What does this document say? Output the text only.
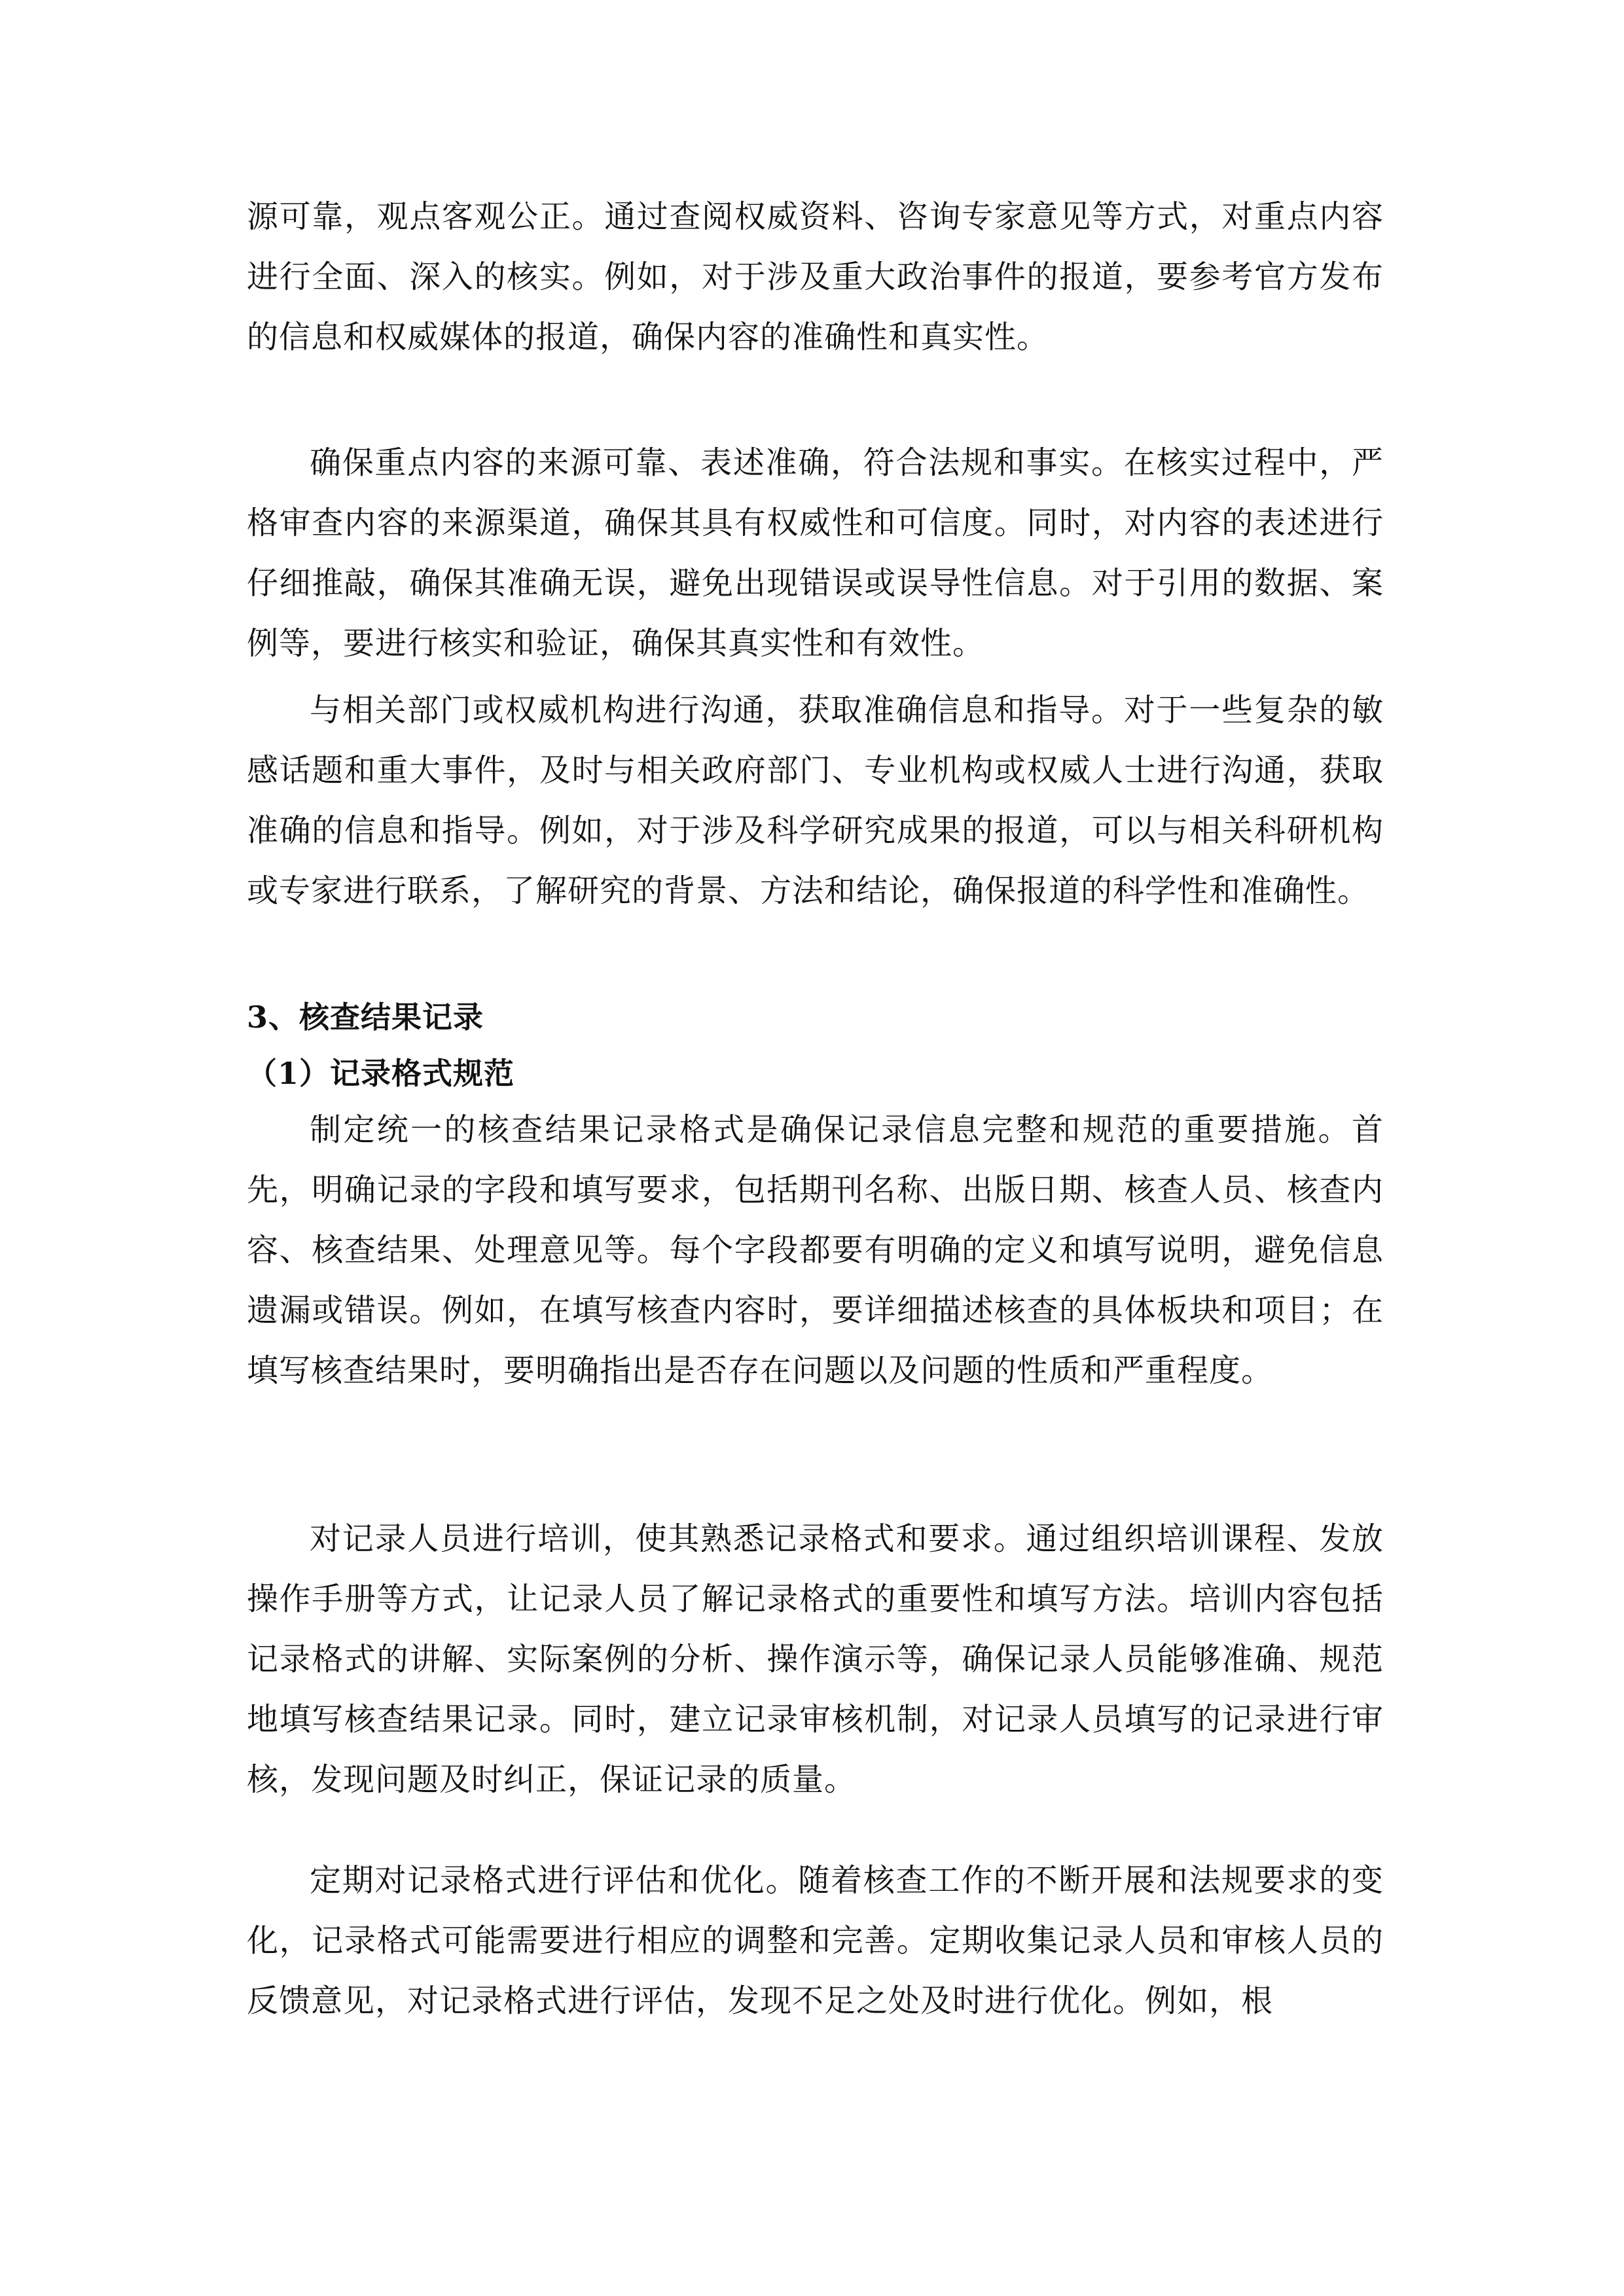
源可靠，观点客观公正。通过查阅权威资料、咨询专家意见等方式，对重点内容进行全面、深入的核实。例如，对于涉及重大政治事件的报道，要参考官方发布的信息和权威媒体的报道，确保内容的准确性和真实性。

确保重点内容的来源可靠、表述准确，符合法规和事实。在核实过程中，严格审查内容的来源渠道，确保其具有权威性和可信度。同时，对内容的表述进行仔细推敲，确保其准确无误，避免出现错误或误导性信息。对于引用的数据、案例等，要进行核实和验证，确保其真实性和有效性。

与相关部门或权威机构进行沟通，获取准确信息和指导。对于一些复杂的敏感话题和重大事件，及时与相关政府部门、专业机构或权威人士进行沟通，获取准确的信息和指导。例如，对于涉及科学研究成果的报道，可以与相关科研机构或专家进行联系，了解研究的背景、方法和结论，确保报道的科学性和准确性。

3、核查结果记录
（1）记录格式规范

制定统一的核查结果记录格式是确保记录信息完整和规范的重要措施。首先，明确记录的字段和填写要求，包括期刊名称、出版日期、核查人员、核查内容、核查结果、处理意见等。每个字段都要有明确的定义和填写说明，避免信息遗漏或错误。例如，在填写核查内容时，要详细描述核查的具体板块和项目；在填写核查结果时，要明确指出是否存在问题以及问题的性质和严重程度。

对记录人员进行培训，使其熟悉记录格式和要求。通过组织培训课程、发放操作手册等方式，让记录人员了解记录格式的重要性和填写方法。培训内容包括记录格式的讲解、实际案例的分析、操作演示等，确保记录人员能够准确、规范地填写核查结果记录。同时，建立记录审核机制，对记录人员填写的记录进行审核，发现问题及时纠正，保证记录的质量。

定期对记录格式进行评估和优化。随着核查工作的不断开展和法规要求的变化，记录格式可能需要进行相应的调整和完善。定期收集记录人员和审核人员的反馈意见，对记录格式进行评估，发现不足之处及时进行优化。例如，根
